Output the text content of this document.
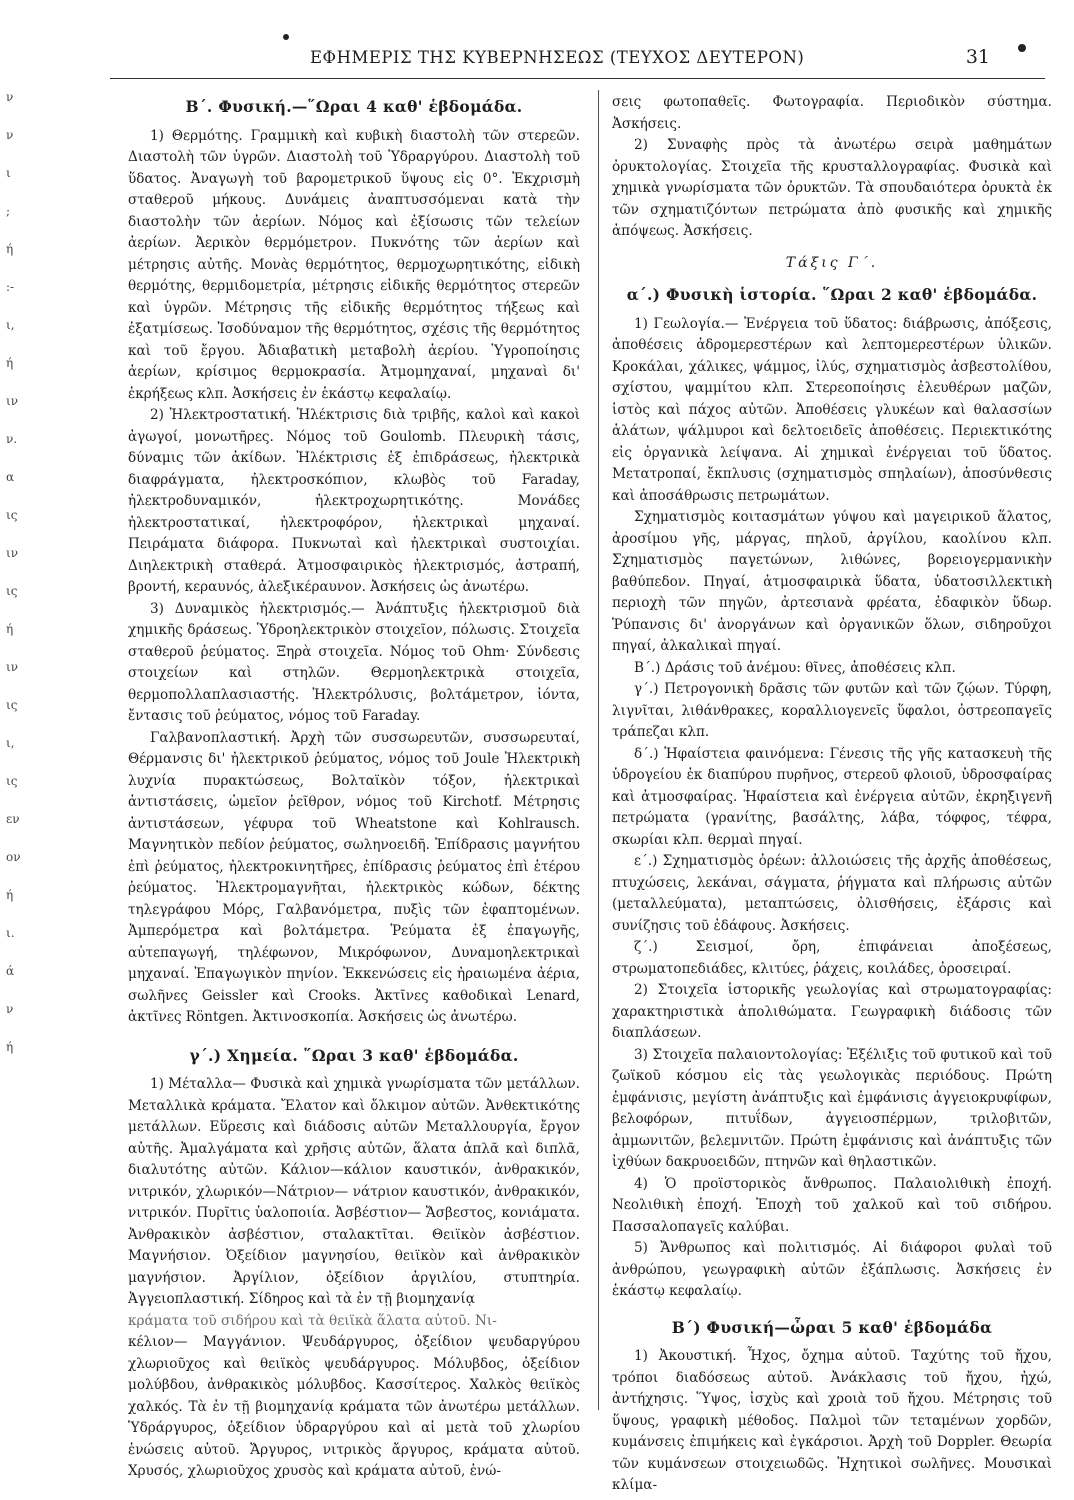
ΕΦΗΜΕΡΙΣ ΤΗΣ ΚΥΒΕΡΝΗΣΕΩΣ (ΤΕΥΧΟΣ ΔΕΥΤΕΡΟΝ)	31
ν
ν
ι
;
ή
:-
ι,
ή
ιν
ν.
α
ις
ιν
ις
ή
ιν
ις
ι,
ις
εν
ον
ή
ι.
ά
ν
ή
Β΄. Φυσική.—῞Ωραι 4 καθ' ἑβδομάδα.

1) Θερμότης. Γραμμικὴ καὶ κυβικὴ διαστολὴ τῶν στερεῶν. Διαστολὴ τῶν ὑγρῶν. Διαστολὴ τοῦ Ὑδραργύρου. Διαστολὴ τοῦ ὕδατος. Ἀναγωγὴ τοῦ βαρομετρικοῦ ὕψους εἰς 0°. Ἐκχρισμὴ σταθεροῦ μήκους. Δυνάμεις ἀναπτυσσόμεναι κατὰ τὴν διαστολὴν τῶν ἀερίων. Νόμος καὶ ἐξίσωσις τῶν τελείων ἀερίων. Ἀερικὸν θερμόμετρον. Πυκνότης τῶν ἀερίων καὶ μέτρησις αὐτῆς. Μονὰς θερμότητος, θερμοχωρητικότης, εἰδικὴ θερμότης, θερμιδομετρία, μέτρησις εἰδικῆς θερμότητος στερεῶν καὶ ὑγρῶν. Μέτρησις τῆς εἰδικῆς θερμότητος τήξεως καὶ ἐξατμίσεως. Ἰσοδύναμον τῆς θερμότητος, σχέσις τῆς θερμότητος καὶ τοῦ ἔργου. Ἀδιαβατικὴ μεταβολὴ ἀερίου. Ὑγροποίησις ἀερίων, κρίσιμος θερμοκρασία. Ἀτμομηχαναί, μηχαναὶ δι' ἐκρήξεως κλπ. Ἀσκήσεις ἐν ἑκάστῳ κεφαλαίῳ.

2) Ἠλεκτροστατική. Ἠλέκτρισις διὰ τριβῆς, καλοὶ καὶ κακοὶ ἀγωγοί, μονωτῆρες. Νόμος τοῦ Goulomb. Πλευρικὴ τάσις, δύναμις τῶν ἀκίδων. Ἠλέκτρισις ἐξ ἐπιδράσεως, ἠλεκτρικὰ διαφράγματα, ἠλεκτροσκόπιον, κλωβὸς τοῦ Faraday, ἠλεκτροδυναμικόν, ἠλεκτροχωρητικότης. Μονάδες ἠλεκτροστατικαί, ἠλεκτροφόρον, ἠλεκτρικαὶ μηχαναί. Πειράματα διάφορα. Πυκνωταὶ καὶ ἠλεκτρικαὶ συστοιχίαι. Διηλεκτρικὴ σταθερά. Ἀτμοσφαιρικὸς ἠλεκτρισμός, ἀστραπή, βροντή, κεραυνός, ἀλεξικέραυνον. Ἀσκήσεις ὡς ἀνωτέρω.

3) Δυναμικὸς ἠλεκτρισμός.— Ἀνάπτυξις ἠλεκτρισμοῦ διὰ χημικῆς δράσεως. Ὑδροηλεκτρικὸν στοιχεῖον, πόλωσις. Στοιχεῖα σταθεροῦ ῥεύματος. Ξηρὰ στοιχεῖα. Νόμος τοῦ Ohm· Σύνδεσις στοιχείων καὶ στηλῶν. Θερμοηλεκτρικὰ στοιχεῖα, θερμοπολλαπλασιαστής. Ἠλεκτρόλυσις, βολτάμετρον, ἰόντα, ἔντασις τοῦ ῥεύματος, νόμος τοῦ Faraday.

Γαλβανοπλαστική. Ἀρχὴ τῶν συσσωρευτῶν, συσσωρευταί, Θέρμανσις δι' ἠλεκτρικοῦ ῥεύματος, νόμος τοῦ Joule Ἠλεκτρικὴ λυχνία πυρακτώσεως, Βολταϊκὸν τόξον, ἠλεκτρικαὶ ἀντιστάσεις, ὡμεῖον ῥεῖθρον, νόμος τοῦ Kirchotf. Μέτρησις ἀντιστάσεων, γέφυρα τοῦ Wheatstone καὶ Kohlrausch. Μαγνητικὸν πεδίον ῥεύματος, σωληνοειδῆ. Ἐπίδρασις μαγνήτου ἐπὶ ῥεύματος, ἠλεκτροκινητῆρες, ἐπίδρασις ῥεύματος ἐπὶ ἑτέρου ῥεύματος. Ἠλεκτρομαγνῆται, ἠλεκτρικὸς κώδων, δέκτης τηλεγράφου Μόρς, Γαλβανόμετρα, πυξὶς τῶν ἐφαπτομένων. Ἀμπερόμετρα καὶ βολτάμετρα. Ῥεύματα ἐξ ἐπαγωγῆς, αὐτεπαγωγή, τηλέφωνον, Μικρόφωνον, Δυναμοηλεκτρικαὶ μηχαναί. Ἐπαγωγικὸν πηνίον. Ἐκκενώσεις εἰς ἠραιωμένα ἀέρια, σωλῆνες Geissler καὶ Crooks. Ἀκτῖνες καθοδικαὶ Lenard, ἀκτῖνες Röntgen. Ἀκτινοσκοπία. Ἀσκήσεις ὡς ἀνωτέρω.

γ΄.) Χημεία. ῞Ωραι 3 καθ' ἑβδομάδα.

1) Μέταλλα— Φυσικὰ καὶ χημικὰ γνωρίσματα τῶν μετάλλων. Μεταλλικὰ κράματα. Ἔλατον καὶ ὄλκιμον αὐτῶν. Ἀνθεκτικότης μετάλλων. Εὕρεσις καὶ διάδοσις αὐτῶν Μεταλλουργία, ἔργον αὐτῆς. Ἀμαλγάματα καὶ χρῆσις αὐτῶν, ἅλατα ἁπλᾶ καὶ διπλᾶ, διαλυτότης αὐτῶν. Κάλιον—κάλιον καυστικόν, ἀνθρακικόν, νιτρικόν, χλωρικόν—Νάτριον— νάτριον καυστικόν, ἀνθρακικόν, νιτρικόν. Πυρῖτις ὑαλοποιία. Ἀσβέστιον— Ἄσβεστος, κονιάματα. Ἀνθρακικὸν ἀσβέστιον, σταλακτῖται. Θειϊκὸν ἀσβέστιον. Μαγνήσιον. Ὀξείδιον μαγνησίου, θειϊκὸν καὶ ἀνθρακικὸν μαγνήσιον. Ἀργίλιον, ὀξείδιον ἀργιλίου, στυπτηρία. Ἀγγειοπλαστική. Σίδηρος καὶ τὰ ἐν τῇ βιομηχανίᾳ

κράματα τοῦ σιδήρου καὶ τὰ θειϊκὰ ἅλατα αὐτοῦ. Νι-

κέλιον— Μαγγάνιον. Ψευδάργυρος, ὀξείδιον ψευδαργύρου χλωριοῦχος καὶ θειϊκὸς ψευδάργυρος. Μόλυβδος, ὀξείδιον μολύβδου, ἀνθρακικὸς μόλυβδος. Κασσίτερος. Χαλκὸς θειϊκὸς χαλκός. Τὰ ἐν τῇ βιομηχανίᾳ κράματα τῶν ἀνωτέρω μετάλλων. Ὑδράργυρος, ὀξείδιον ὑδραργύρου καὶ αἱ μετὰ τοῦ χλωρίου ἑνώσεις αὐτοῦ. Ἄργυρος, νιτρικὸς ἄργυρος, κράματα αὐτοῦ. Χρυσός, χλωριοῦχος χρυσὸς καὶ κράματα αὐτοῦ, ἑνώ-

σεις φωτοπαθεῖς. Φωτογραφία. Περιοδικὸν σύστημα. Ἀσκήσεις.

2) Συναφὴς πρὸς τὰ ἀνωτέρω σειρὰ μαθημάτων ὀρυκτολογίας. Στοιχεῖα τῆς κρυσταλλογραφίας. Φυσικὰ καὶ χημικὰ γνωρίσματα τῶν ὀρυκτῶν. Τὰ σπουδαιότερα ὀρυκτὰ ἐκ τῶν σχηματιζόντων πετρώματα ἀπὸ φυσικῆς καὶ χημικῆς ἀπόψεως. Ἀσκήσεις.

Τάξις Γ΄.
α΄.) Φυσικὴ ἱστορία. ῞Ωραι 2 καθ' ἑβδομάδα.

1) Γεωλογία.— Ἐνέργεια τοῦ ὕδατος: διάβρωσις, ἀπόξεσις, ἀποθέσεις ἀδρομερεστέρων καὶ λεπτομερεστέρων ὑλικῶν. Κροκάλαι, χάλικες, ψάμμος, ἰλύς, σχηματισμὸς ἀσβεστολίθου, σχίστου, ψαμμίτου κλπ. Στερεοποίησις ἐλευθέρων μαζῶν, ἱστὸς καὶ πάχος αὐτῶν. Ἀποθέσεις γλυκέων καὶ θαλασσίων ἁλάτων, ψάλμυροι καὶ δελτοειδεῖς ἀποθέσεις. Περιεκτικότης εἰς ὀργανικὰ λείψανα. Αἱ χημικαὶ ἐνέργειαι τοῦ ὕδατος. Μετατροπαί, ἔκπλυσις (σχηματισμὸς σπηλαίων), ἀποσύνθεσις καὶ ἀποσάθρωσις πετρωμάτων.

Σχηματισμὸς κοιτασμάτων γύψου καὶ μαγειρικοῦ ἅλατος, ἀροσίμου γῆς, μάργας, πηλοῦ, ἀργίλου, καολίνου κλπ. Σχηματισμὸς παγετώνων, λιθώνες, βορειογερμανικὴν βαθύπεδον. Πηγαί, ἀτμοσφαιρικὰ ὕδατα, ὑδατοσιλλεκτικὴ περιοχὴ τῶν πηγῶν, ἀρτεσιανὰ φρέατα, ἐδαφικὸν ὕδωρ. Ῥύπανσις δι' ἀνοργάνων καὶ ὀργανικῶν ὅλων, σιδηροῦχοι πηγαί, ἀλκαλικαὶ πηγαί.

Β΄.) Δράσις τοῦ ἀνέμου: θῖνες, ἀποθέσεις κλπ.

γ΄.) Πετρογονικὴ δρᾶσις τῶν φυτῶν καὶ τῶν ζῴων. Τύρφη, λιγνῖται, λιθάνθρακες, κοραλλιογενεῖς ὕφαλοι, ὀστρεοπαγεῖς τράπεζαι κλπ.

δ΄.) Ἡφαίστεια φαινόμενα: Γένεσις τῆς γῆς κατασκευὴ τῆς ὑδρογείου ἐκ διαπύρου πυρῆνος, στερεοῦ φλοιοῦ, ὑδροσφαίρας καὶ ἀτμοσφαίρας. Ἡφαίστεια καὶ ἐνέργεια αὐτῶν, ἐκρηξιγενῆ πετρώματα (γρανίτης, βασάλτης, λάβα, τόφφος, τέφρα, σκωρίαι κλπ. θερμαὶ πηγαί.

ε΄.) Σχηματισμὸς ὀρέων: ἀλλοιώσεις τῆς ἀρχῆς ἀποθέσεως, πτυχώσεις, λεκάναι, σάγματα, ῥήγματα καὶ πλήρωσις αὐτῶν (μεταλλεύματα), μεταπτώσεις, ὀλισθήσεις, ἐξάρσις καὶ συνίζησις τοῦ ἐδάφους. Ἀσκήσεις.

ζ΄.) Σεισμοί, ὄρη, ἐπιφάνειαι ἀποξέσεως, στρωματοπεδιάδες, κλιτύες, ῥάχεις, κοιλάδες, ὀροσειραί.

2) Στοιχεῖα ἱστορικῆς γεωλογίας καὶ στρωματογραφίας: χαρακτηριστικὰ ἀπολιθώματα. Γεωγραφικὴ διάδοσις τῶν διαπλάσεων.

3) Στοιχεῖα παλαιοντολογίας: Ἐξέλιξις τοῦ φυτικοῦ καὶ τοῦ ζωϊκοῦ κόσμου εἰς τὰς γεωλογικὰς περιόδους. Πρώτη ἐμφάνισις, μεγίστη ἀνάπτυξις καὶ ἐμφάνισις ἀγγειοκρυφίφων, βελοφόρων, πιτυΐδων, ἀγγειοσπέρμων, τριλοβιτῶν, ἀμμωνιτῶν, βελεμνιτῶν. Πρώτη ἐμφάνισις καὶ ἀνάπτυξις τῶν ἰχθύων δακρυοειδῶν, πτηνῶν καὶ θηλαστικῶν.

4) Ὁ προϊστορικὸς ἄνθρωπος. Παλαιολιθικὴ ἐποχή. Νεολιθικὴ ἐποχή. Ἐποχὴ τοῦ χαλκοῦ καὶ τοῦ σιδήρου. Πασσαλοπαγεῖς καλύβαι.

5) Ἄνθρωπος καὶ πολιτισμός. Αἱ διάφοροι φυλαὶ τοῦ ἀνθρώπου, γεωγραφικὴ αὐτῶν ἐξάπλωσις. Ἀσκήσεις ἐν ἑκάστῳ κεφαλαίῳ.

Β΄) Φυσική—ὧραι 5 καθ' ἑβδομάδα

1) Ἀκουστική. Ἦχος, ὄχημα αὐτοῦ. Ταχύτης τοῦ ἤχου, τρόποι διαδόσεως αὐτοῦ. Ἀνάκλασις τοῦ ἤχου, ἠχώ, ἀντήχησις. Ὕψος, ἰσχὺς καὶ χροιὰ τοῦ ἤχου. Μέτρησις τοῦ ὕψους, γραφικὴ μέθοδος. Παλμοὶ τῶν τεταμένων χορδῶν, κυμάνσεις ἐπιμήκεις καὶ ἐγκάρσιοι. Ἀρχὴ τοῦ Doppler. Θεωρία τῶν κυμάνσεων στοιχειωδῶς. Ἠχητικοὶ σωλῆνες. Μουσικαὶ κλίμα-
